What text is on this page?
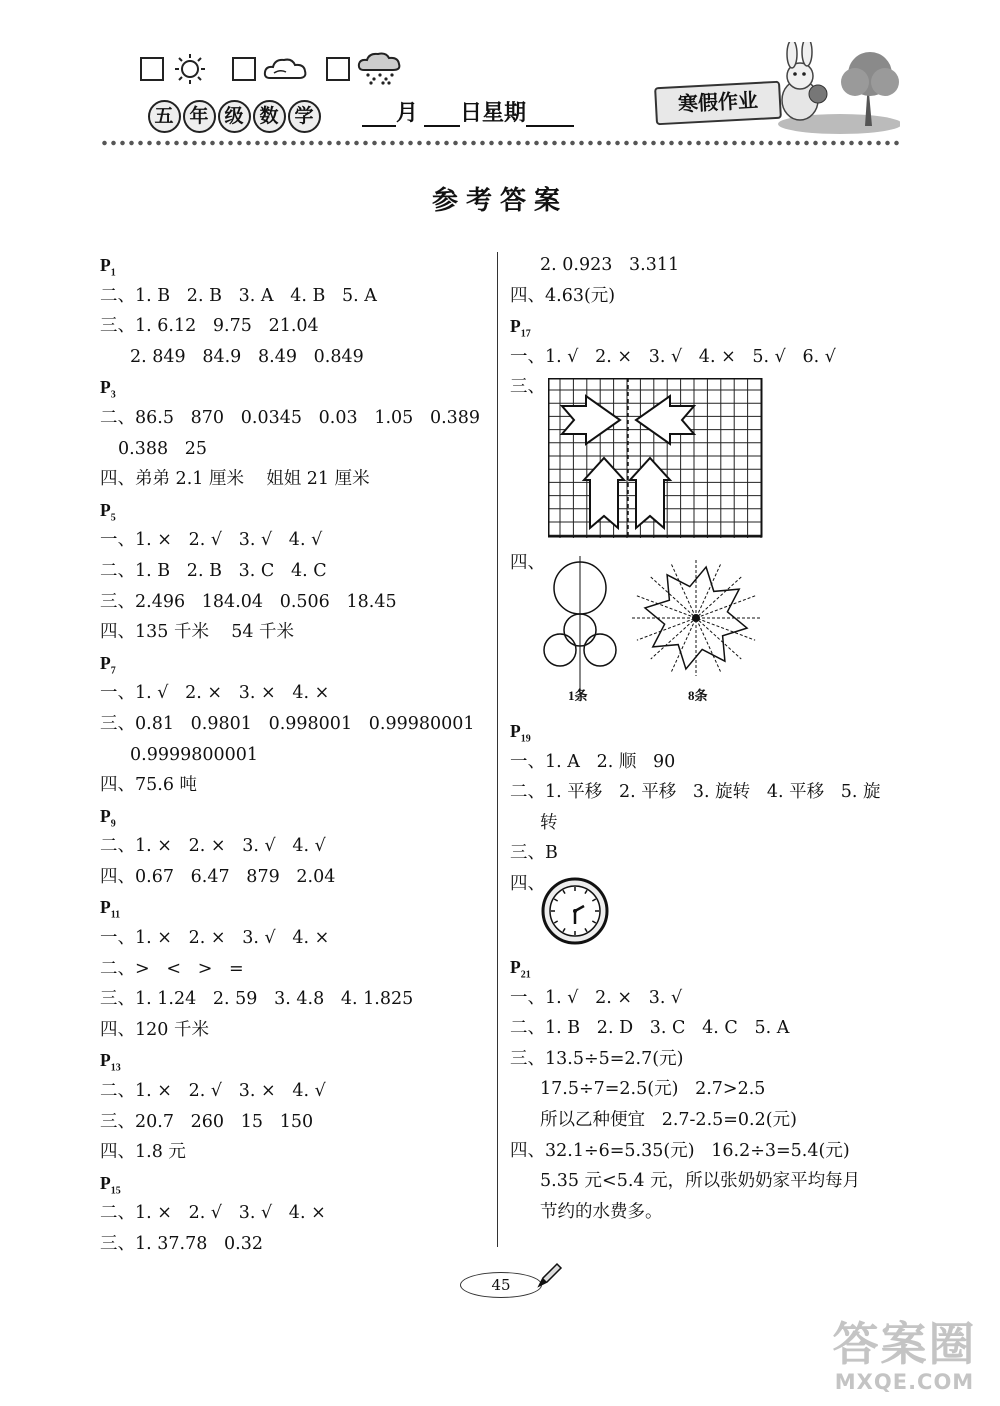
五 年 级 数 学	月 日星期	寒假作业
参考答案
$P_1$
二、1. B   2. B   3. A   4. B   5. A
三、1. 6.12   9.75   21.04
2. 849   84.9   8.49   0.849
$P_3$
二、86.5   870   0.0345   0.03   1.05   0.389
0.388   25
四、弟弟 2.1 厘米    姐姐 21 厘米
$P_5$
一、1. ×   2. √   3. √   4. √
二、1. B   2. B   3. C   4. C
三、2.496   184.04   0.506   18.45
四、135 千米    54 千米
$P_7$
一、1. √   2. ×   3. ×   4. ×
三、0.81   0.9801   0.998001   0.99980001
0.9999800001
四、75.6 吨
$P_9$
二、1. ×   2. ×   3. √   4. √
四、0.67   6.47   879   2.04
$P_{11}$
一、1. ×   2. ×   3. √   4. ×
二、>   <   >   =
三、1. 1.24   2. 59   3. 4.8   4. 1.825
四、120 千米
$P_{13}$
二、1. ×   2. √   3. ×   4. √
三、20.7   260   15   150
四、1.8 元
$P_{15}$
二、1. ×   2. √   3. √   4. ×
三、1. 37.78   0.32
2. 0.923   3.311
四、4.63(元)
$P_{17}$
一、1. √   2. ×   3. √   4. ×   5. √   6. √
三、
四、
1条	8条
$P_{19}$
一、1. A   2. 顺   90
二、1. 平移   2. 平移   3. 旋转   4. 平移   5. 旋
转
三、B
四、
$P_{21}$
一、1. √   2. ×   3. √
二、1. B   2. D   3. C   4. C   5. A
三、13.5÷5=2.7(元)
17.5÷7=2.5(元)   2.7>2.5
所以乙种便宜   2.7-2.5=0.2(元)
四、32.1÷6=5.35(元)   16.2÷3=5.4(元)
5.35 元<5.4 元，所以张奶奶家平均每月
节约的水费多。
45
答案圈
MXQE.COM
